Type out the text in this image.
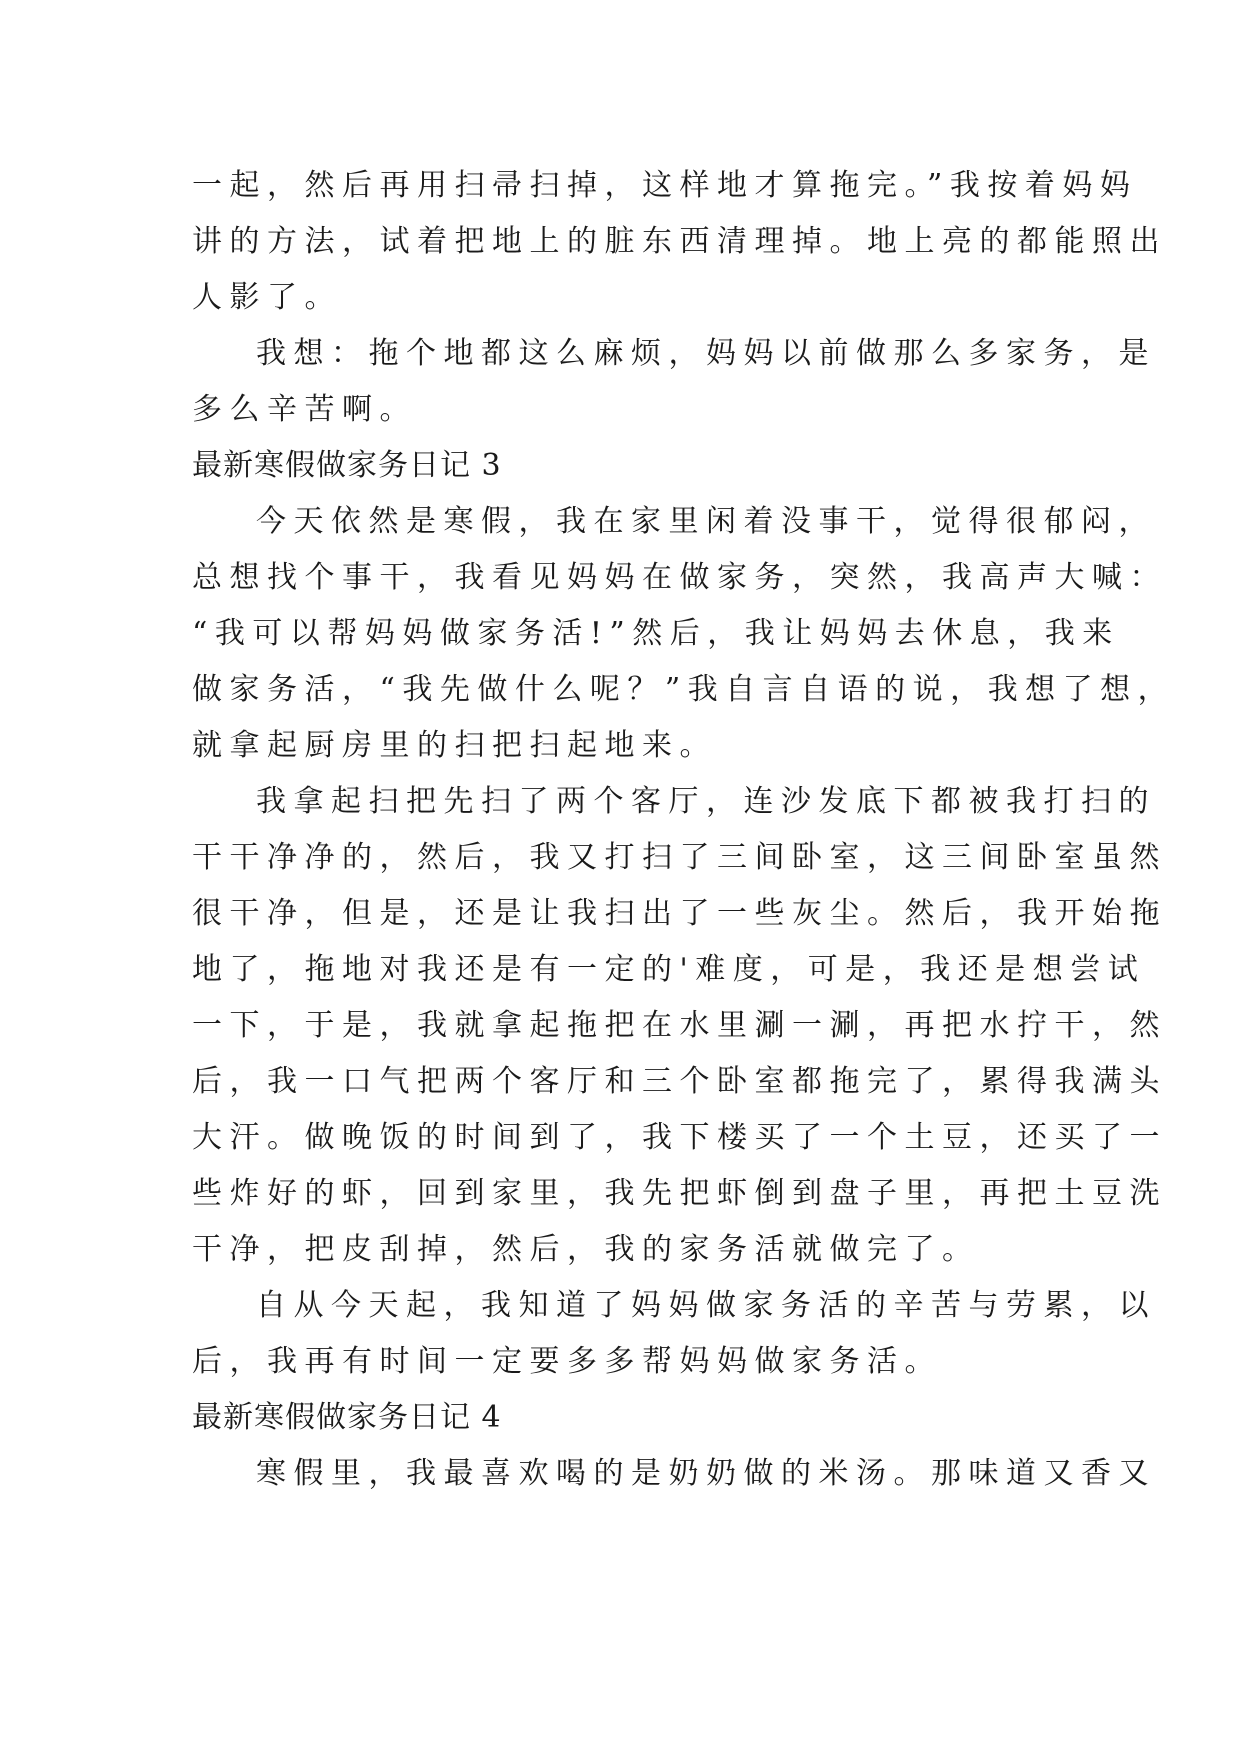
一起，然后再用扫帚扫掉，这样地才算拖完。”我按着妈妈
讲的方法，试着把地上的脏东西清理掉。地上亮的都能照出
人影了。
我想：拖个地都这么麻烦，妈妈以前做那么多家务，是
多么辛苦啊。
最新寒假做家务日记 3
今天依然是寒假，我在家里闲着没事干，觉得很郁闷，
总想找个事干，我看见妈妈在做家务，突然，我高声大喊：
“我可以帮妈妈做家务活!”然后，我让妈妈去休息，我来
做家务活，“我先做什么呢？”我自言自语的说，我想了想，
就拿起厨房里的扫把扫起地来。
我拿起扫把先扫了两个客厅，连沙发底下都被我打扫的
干干净净的，然后，我又打扫了三间卧室，这三间卧室虽然
很干净，但是，还是让我扫出了一些灰尘。然后，我开始拖
地了，拖地对我还是有一定的'难度，可是，我还是想尝试
一下，于是，我就拿起拖把在水里涮一涮，再把水拧干，然
后，我一口气把两个客厅和三个卧室都拖完了，累得我满头
大汗。做晚饭的时间到了，我下楼买了一个土豆，还买了一
些炸好的虾，回到家里，我先把虾倒到盘子里，再把土豆洗
干净，把皮刮掉，然后，我的家务活就做完了。
自从今天起，我知道了妈妈做家务活的辛苦与劳累，以
后，我再有时间一定要多多帮妈妈做家务活。
最新寒假做家务日记 4
寒假里，我最喜欢喝的是奶奶做的米汤。那味道又香又
